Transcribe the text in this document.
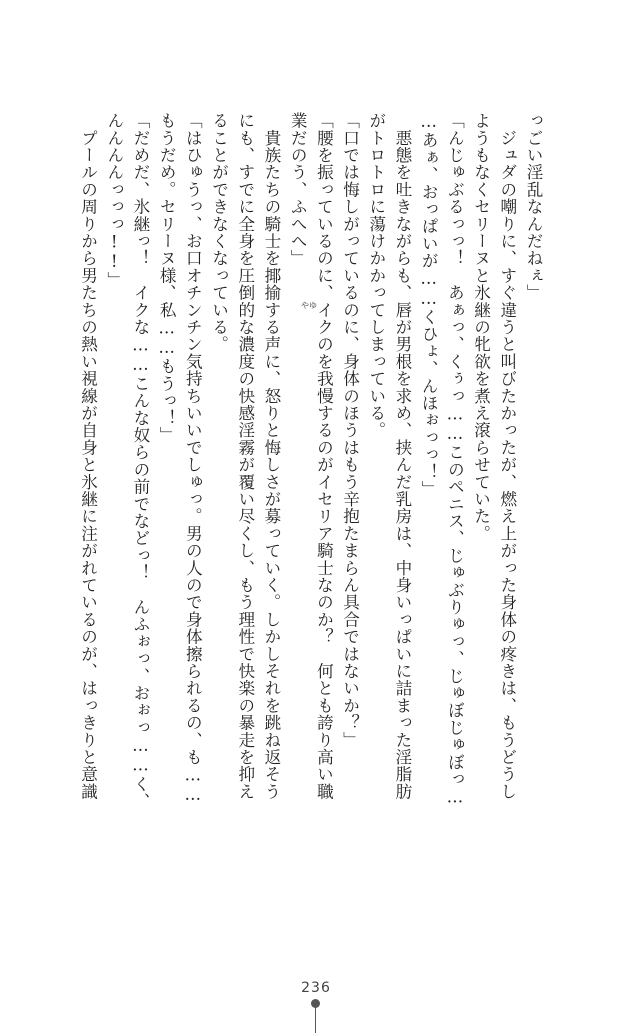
っごい淫乱なんだねぇ」

　ジュダの嘲りに、すぐ違うと叫びたかったが、燃え上がった身体の疼きは、もうどうし

ようもなくセリーヌと氷継の牝欲を煮え滾らせていた。

「んじゅぶるっっ！　あぁっ、くぅっ……このペニス、じゅぶりゅっ、じゅぼじゅぼっ…

…あぁ、おっぱいが……くひょ、んほぉっっ！」

　悪態を吐きながらも、唇が男根を求め、挟んだ乳房は、中身いっぱいに詰まった淫脂肪

がトロトロに蕩けかかってしまっている。

「口では悔しがっているのに、身体のほうはもう辛抱たまらん具合ではないか？」

「腰を振っているのに、イクのを我慢するのがイセリア騎士なのか？　何とも誇り高い職

業だのう、ふへへ」

　貴族たちの騎士を揶揄する声に、怒りと悔しさが募っていく。しかしそれを跳ね返そう

にも、すでに全身を圧倒的な濃度の快感淫霧が覆い尽くし、もう理性で快楽の暴走を抑え

ることができなくなっている。

「はひゅうっ、お口オチンチン気持ちいいでしゅっ。男の人ので身体擦られるの、も……

もうだめ。セリーヌ様、私……もうっ！」

「だめだ、氷継っ！　イクな……こんな奴らの前でなどっ！　んふぉっ、おぉっ……く、

んんんんっっっ!!」

　プールの周りから男たちの熱い視線が自身と氷継に注がれているのが、はっきりと意識	やゆ
236
